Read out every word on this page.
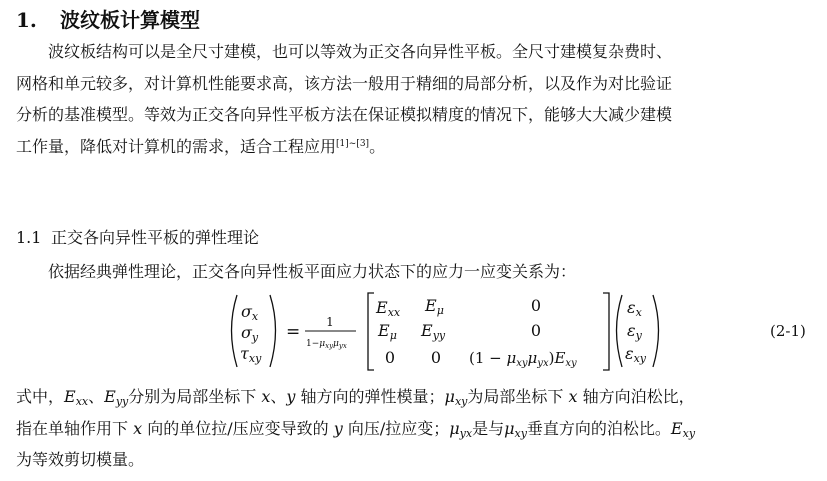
1. 波纹板计算模型
波纹板结构可以是全尺寸建模，也可以等效为正交各向异性平板。全尺寸建模复杂费时、
网格和单元较多，对计算机性能要求高，该方法一般用于精细的局部分析，以及作为对比验证
分析的基准模型。等效为正交各向异性平板方法在保证模拟精度的情况下，能够大大减少建模
工作量，降低对计算机的需求，适合工程应用[1]~[3]。
1.1 正交各向异性平板的弹性理论
依据经典弹性理论，正交各向异性板平面应力状态下的应力一应变关系为：
σx
σy
τxy
= 1
$1-\mu_{xy}\mu_{yx}$
Exx Eμ	0
Eμ Eyy	0
0 0 $(1 - \mu_{xy}\mu_{yx})E_{xy}$
εx
εy
εxy
(2-1)
式中，$E_{xx}$、$E_{yy}$分别为局部坐标下 x、y 轴方向的弹性模量；$\mu_{xy}$为局部坐标下 x 轴方向泊松比，
指在单轴作用下 x 向的单位拉/压应变导致的 y 向压/拉应变；$\mu_{yx}$是与$\mu_{xy}$垂直方向的泊松比。$E_{xy}$
为等效剪切模量。
